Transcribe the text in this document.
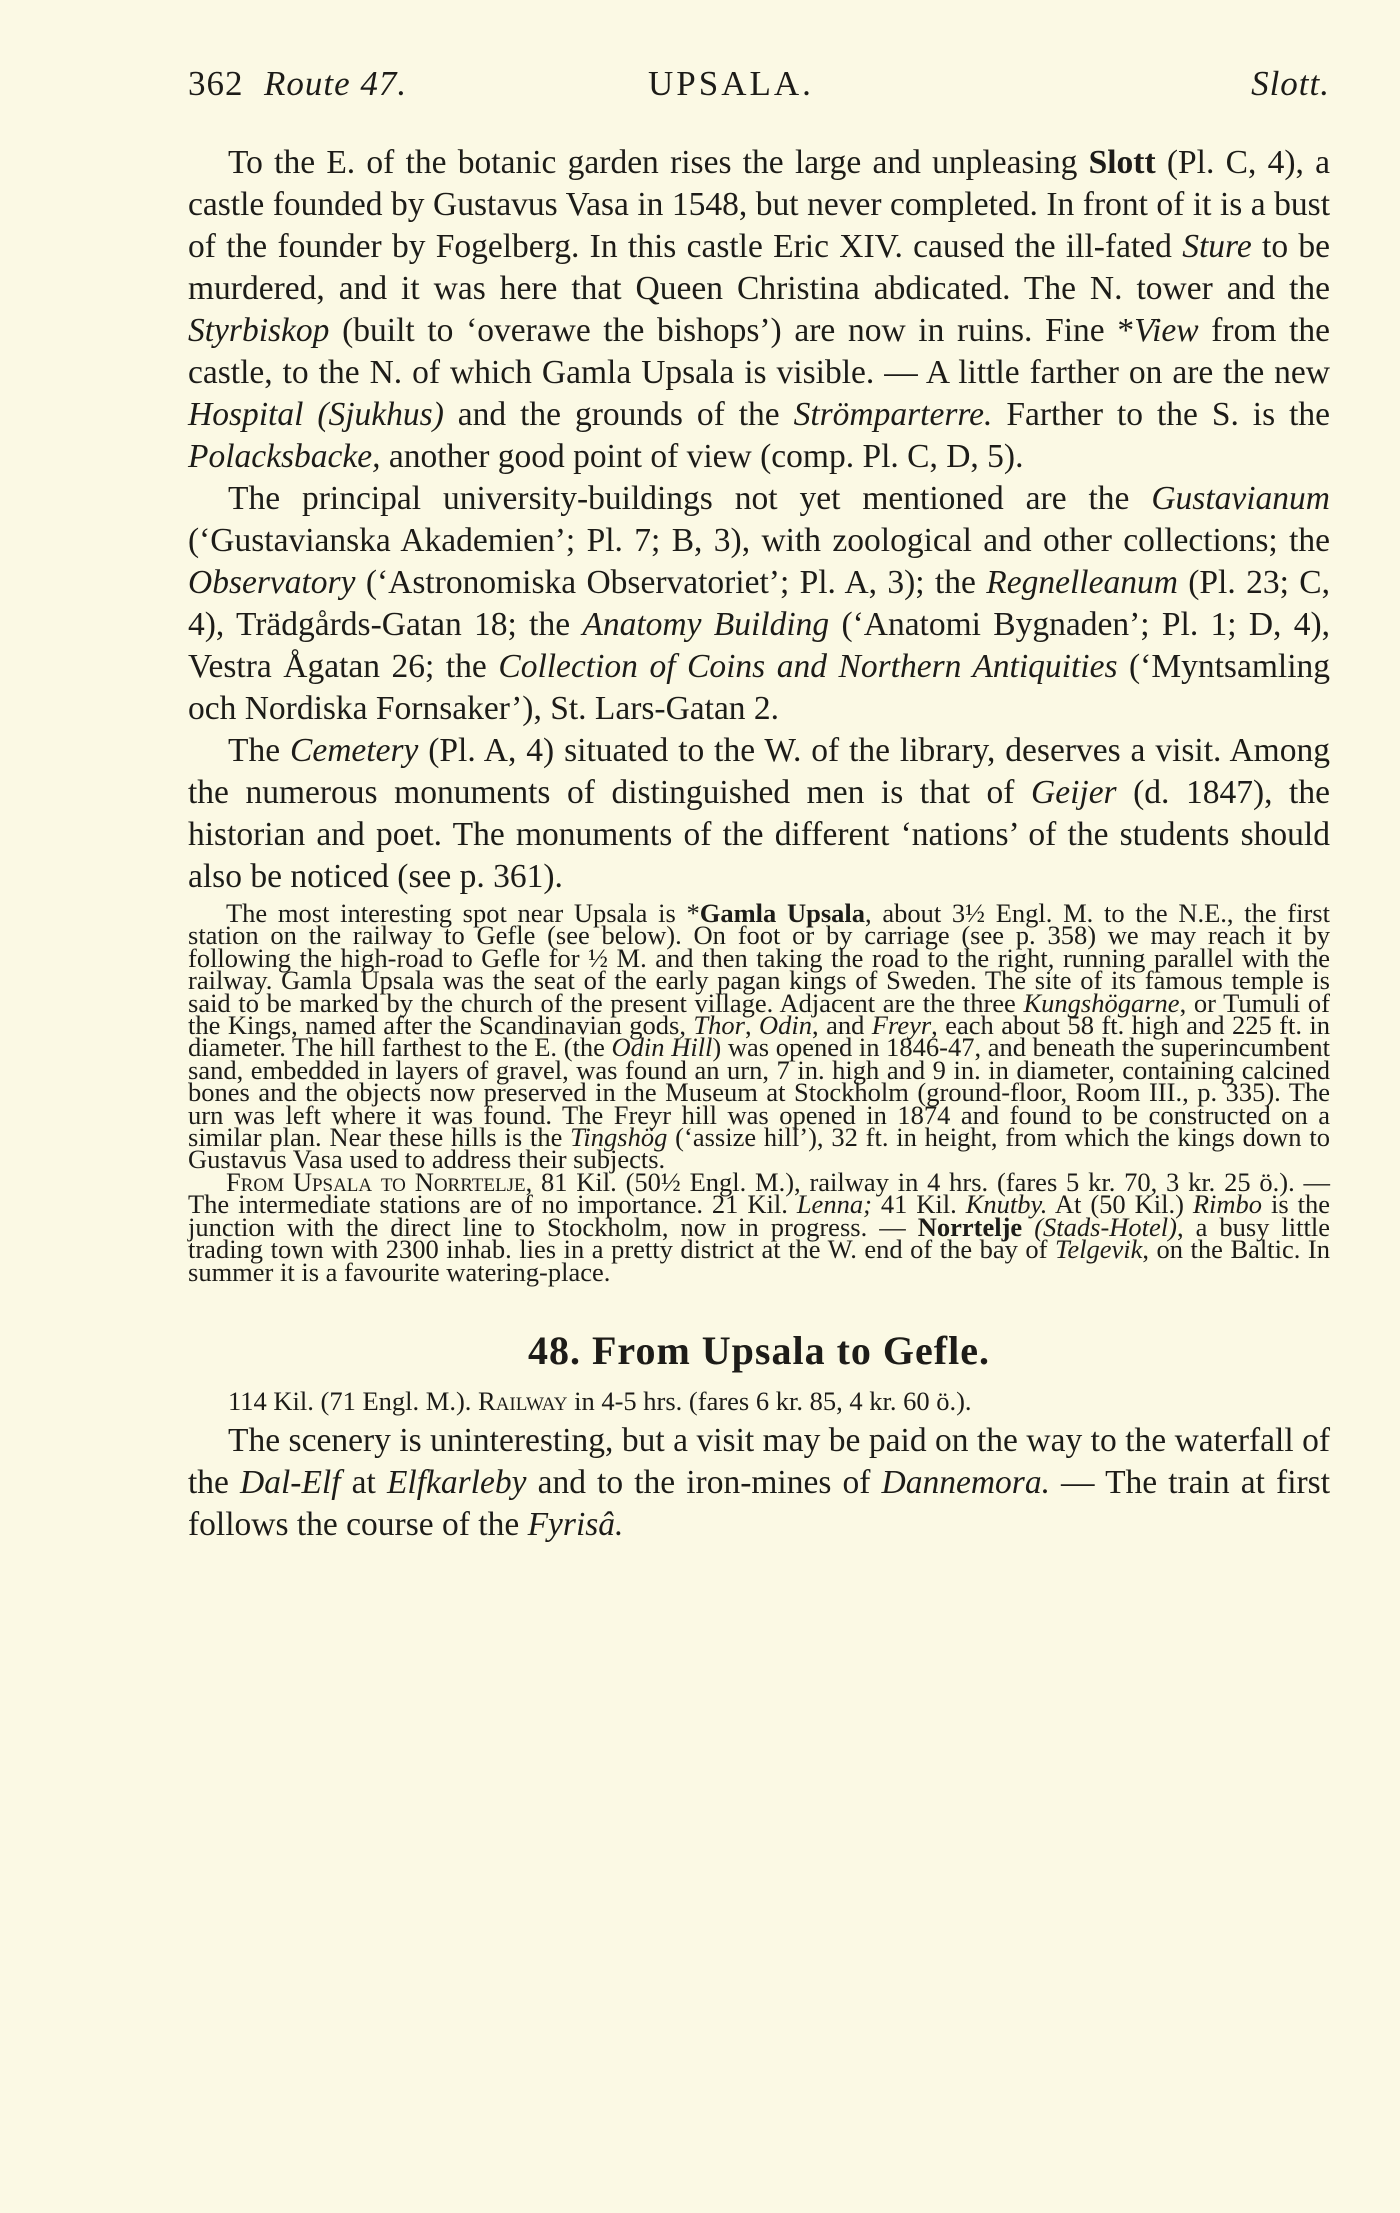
362 Route 47.	UPSALA.	Slott.

To the E. of the botanic garden rises the large and unpleasing Slott (Pl. C, 4), a castle founded by Gustavus Vasa in 1548, but never completed. In front of it is a bust of the founder by Fogelberg. In this castle Eric XIV. caused the ill-fated Sture to be murdered, and it was here that Queen Christina abdicated. The N. tower and the Styrbiskop (built to ‘overawe the bishops’) are now in ruins. Fine *View from the castle, to the N. of which Gamla Upsala is visible. — A little farther on are the new Hospital (Sjukhus) and the grounds of the Strömparterre. Farther to the S. is the Polacksbacke, another good point of view (comp. Pl. C, D, 5).

The principal university-buildings not yet mentioned are the Gustavianum (‘Gustavianska Akademien’; Pl. 7; B, 3), with zoological and other collections; the Observatory (‘Astronomiska Observatoriet’; Pl. A, 3); the Regnelleanum (Pl. 23; C, 4), Trädgårds-Gatan 18; the Anatomy Building (‘Anatomi Bygnaden’; Pl. 1; D, 4), Vestra Ågatan 26; the Collection of Coins and Northern Antiquities (‘Myntsamling och Nordiska Fornsaker’), St. Lars-Gatan 2.

The Cemetery (Pl. A, 4) situated to the W. of the library, deserves a visit. Among the numerous monuments of distinguished men is that of Geijer (d. 1847), the historian and poet. The monuments of the different ‘nations’ of the students should also be noticed (see p. 361).

The most interesting spot near Upsala is *Gamla Upsala, about 3½ Engl. M. to the N.E., the first station on the railway to Gefle (see below). On foot or by carriage (see p. 358) we may reach it by following the high-road to Gefle for ½ M. and then taking the road to the right, running parallel with the railway. Gamla Upsala was the seat of the early pagan kings of Sweden. The site of its famous temple is said to be marked by the church of the present village. Adjacent are the three Kungshögarne, or Tumuli of the Kings, named after the Scandinavian gods, Thor, Odin, and Freyr, each about 58 ft. high and 225 ft. in diameter. The hill farthest to the E. (the Odin Hill) was opened in 1846-47, and beneath the superincumbent sand, embedded in layers of gravel, was found an urn, 7 in. high and 9 in. in diameter, containing calcined bones and the objects now preserved in the Museum at Stockholm (ground-floor, Room III., p. 335). The urn was left where it was found. The Freyr hill was opened in 1874 and found to be constructed on a similar plan. Near these hills is the Tingshög (‘assize hill’), 32 ft. in height, from which the kings down to Gustavus Vasa used to address their subjects.

From Upsala to Norrtelje, 81 Kil. (50½ Engl. M.), railway in 4 hrs. (fares 5 kr. 70, 3 kr. 25 ö.). — The intermediate stations are of no importance. 21 Kil. Lenna; 41 Kil. Knutby. At (50 Kil.) Rimbo is the junction with the direct line to Stockholm, now in progress. — Norrtelje (Stads-Hotel), a busy little trading town with 2300 inhab. lies in a pretty district at the W. end of the bay of Telgevik, on the Baltic. In summer it is a favourite watering-place.

48. From Upsala to Gefle.

114 Kil. (71 Engl. M.). Railway in 4-5 hrs. (fares 6 kr. 85, 4 kr. 60 ö.).

The scenery is uninteresting, but a visit may be paid on the way to the waterfall of the Dal-Elf at Elfkarleby and to the iron-mines of Dannemora. — The train at first follows the course of the Fyrisâ.
